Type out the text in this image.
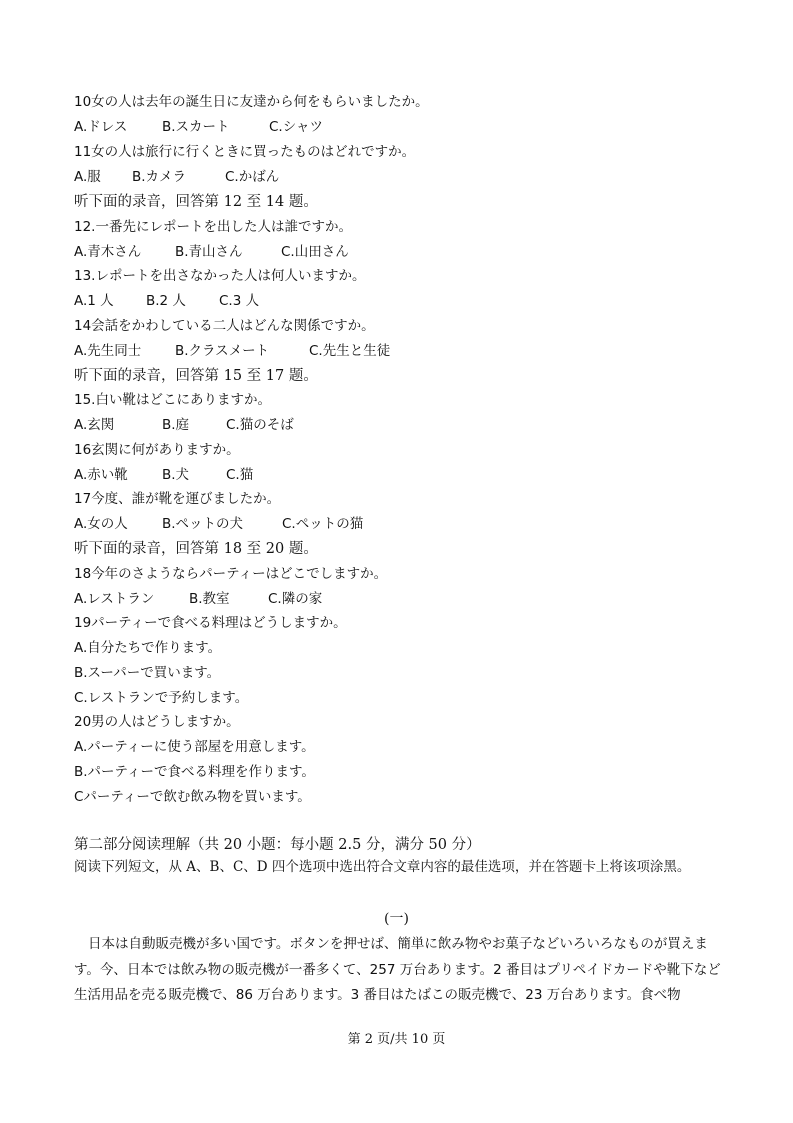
10女の人は去年の誕生日に友達から何をもらいましたか。
A.ドレス	B.スカート	C.シャツ
11女の人は旅行に行くときに買ったものはどれですか。
A.服 B.カメラ	C.かばん
听下面的录音，回答第 12 至 14 题。
12.一番先にレポートを出した人は誰ですか。
A.青木さん B.青山さん	C.山田さん
13.レポートを出さなかった人は何人いますか。
A.1 人 B.2 人 C.3 人
14会話をかわしている二人はどんな関係ですか。
A.先生同士 B.クラスメート	C.先生と生徒
听下面的录音，回答第 15 至 17 题。
15.白い靴はどこにありますか。
A.玄関	B.庭	C.猫のそば
16玄関に何がありますか。
A.赤い靴	B.犬	C.猫
17今度、誰が靴を運びましたか。
A.女の人	B.ペットの犬	C.ペットの猫
听下面的录音，回答第 18 至 20 题。
18今年のさようならパーティーはどこでしますか。
A.レストラン	B.教室	C.隣の家
19パーティーで食べる料理はどうしますか。
A.自分たちで作ります。
B.スーパーで買います。
C.レストランで予約します。
20男の人はどうしますか。
A.パーティーに使う部屋を用意します。
B.パーティーで食べる料理を作ります。
Cパーティーで飲む飲み物を買います。
第二部分阅读理解（共 20 小题：每小题 2.5 分，满分 50 分）
阅读下列短文，从 A、B、C、D 四个选项中选出符合文章内容的最佳选项，并在答题卡上将该项涂黑。
(一)
日本は自動販売機が多い国です。ボタンを押せば、簡単に飲み物やお菓子などいろいろなものが買えます。今、日本では飲み物の販売機が一番多くて、257 万台あります。2 番目はプリペイドカードや靴下など生活用品を売る販売機で、86 万台あります。3 番目はたばこの販売機で、23 万台あります。食べ物
第 2 页/共 10 页
